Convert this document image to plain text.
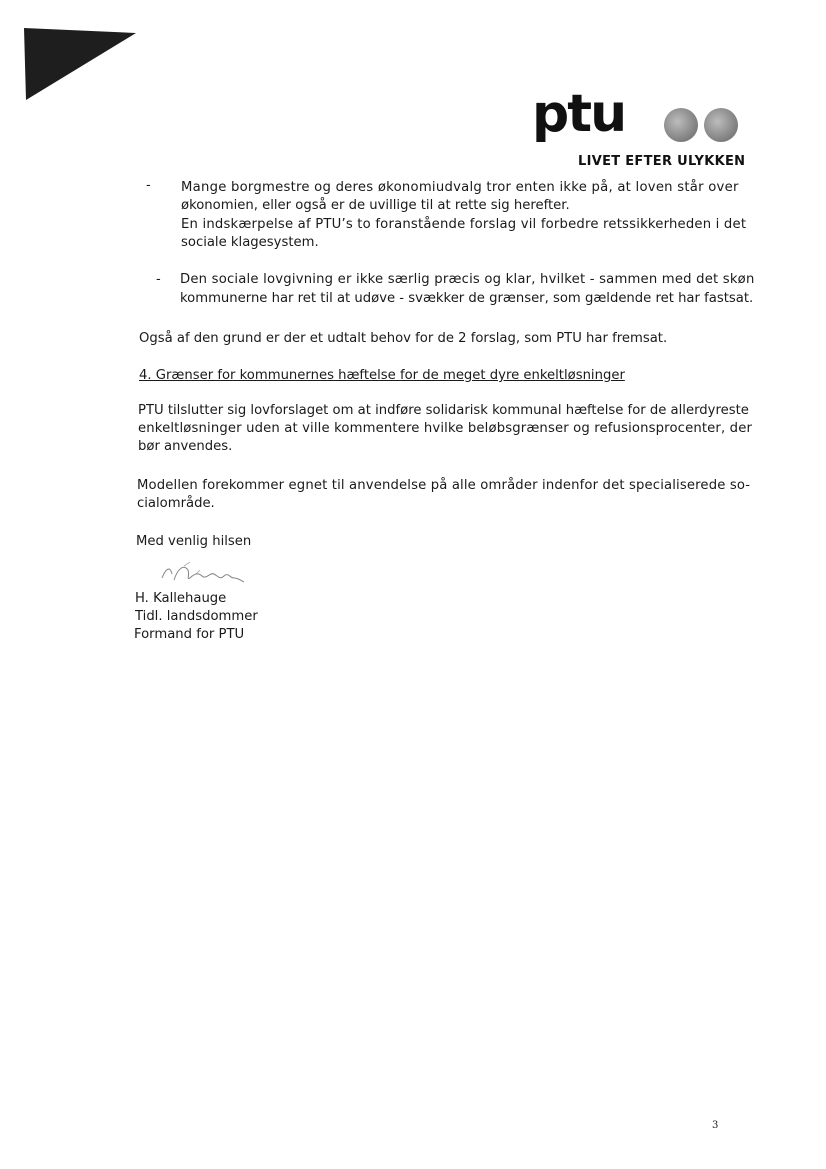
ptu
LIVET EFTER ULYKKEN
- Mange borgmestre og deres økonomiudvalg tror enten ikke på, at loven står over

økonomien, eller også er de uvillige til at rette sig herefter.

En indskærpelse af PTU’s to foranstående forslag vil forbedre retssikkerheden i det

sociale klagesystem.

- Den sociale lovgivning er ikke særlig præcis og klar, hvilket - sammen med det skøn

kommunerne har ret til at udøve - svækker de grænser, som gældende ret har fastsat.

Også af den grund er der et udtalt behov for de 2 forslag, som PTU har fremsat.

4. Grænser for kommunernes hæftelse for de meget dyre enkeltløsninger

PTU tilslutter sig lovforslaget om at indføre solidarisk kommunal hæftelse for de allerdyreste

enkeltløsninger uden at ville kommentere hvilke beløbsgrænser og refusionsprocenter, der

bør anvendes.

Modellen forekommer egnet til anvendelse på alle områder indenfor det specialiserede so-

cialområde.

Med venlig hilsen

H. Kallehauge

Tidl. landsdommer

Formand for PTU

3
